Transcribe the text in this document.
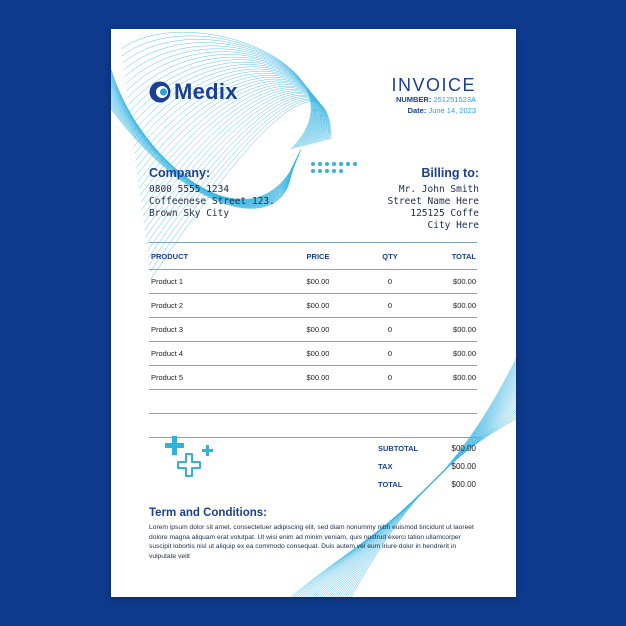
Medix	INVOICE
NUMBER: 251251523A
Date: June 14, 2023
Company:
0800 5555 1234
Coffeenese Street 123.
Brown Sky City
Billing to:
Mr. John Smith
Street Name Here
125125 Coffe
City Here
PRODUCT	PRICE	QTY	TOTAL
Product 1	$00.00	0	$00.00
Product 2	$00.00	0	$00.00
Product 3	$00.00	0	$00.00
Product 4	$00.00	0	$00.00
Product 5	$00.00	0	$00.00

SUBTOTAL	$00.00
TAX	$00.00
TOTAL	$00.00
Term and Conditions:
Lorem ipsum dolor sit amet, consectetuer adipiscing elit, sed diam nonummy nibh euismod tincidunt ut laoreet dolore magna aliquam erat volutpat. Ut wisi enim ad minim veniam, quis nostrud exerci tation ullamcorper suscipit lobortis nisl ut aliquip ex ea commodo consequat. Duis autem vel eum iriure dolor in hendrerit in vulputate velit
